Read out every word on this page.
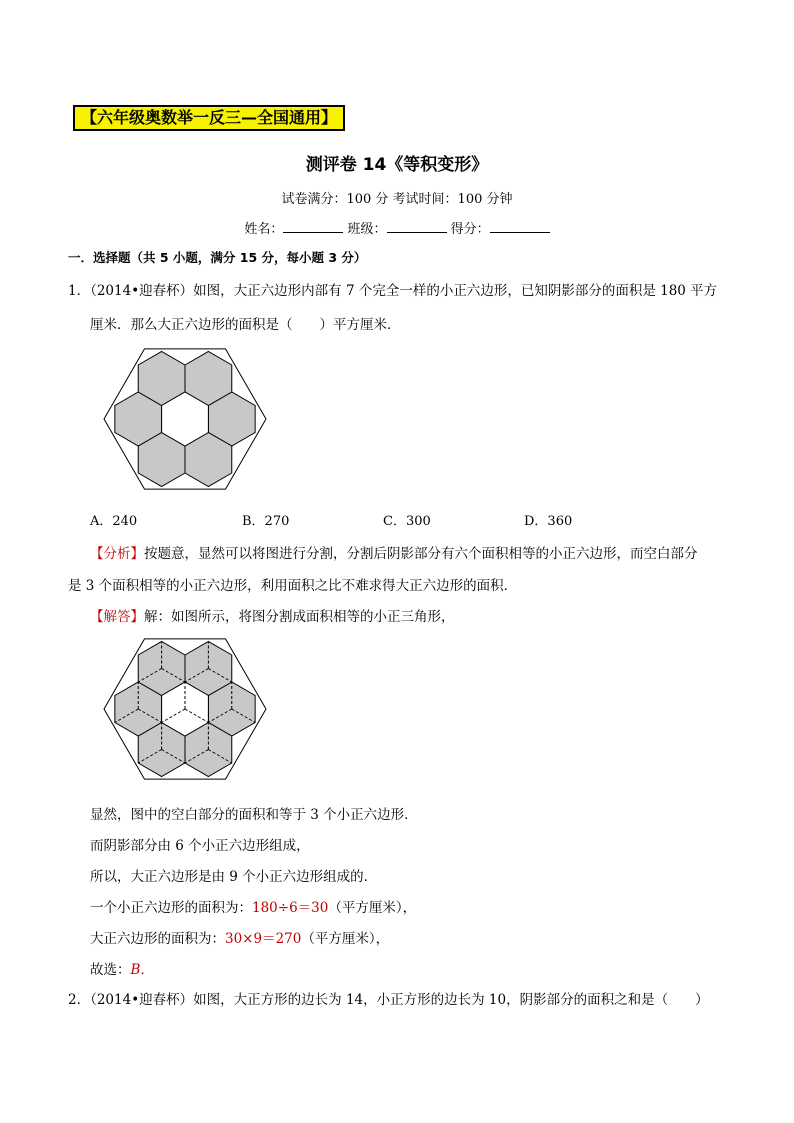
【六年级奥数举一反三—全国通用】
测评卷 14《等积变形》
试卷满分：100 分 考试时间：100 分钟
姓名：	班级：	得分：
一．选择题（共 5 小题，满分 15 分，每小题 3 分）
1．（2014•迎春杯）如图，大正六边形内部有 7 个完全一样的小正六边形，已知阴影部分的面积是 180 平方
厘米．那么大正六边形的面积是（　　）平方厘米．
A．240	B．270	C．300	D．360
【分析】按题意，显然可以将图进行分割，分割后阴影部分有六个面积相等的小正六边形，而空白部分
是 3 个面积相等的小正六边形，利用面积之比不难求得大正六边形的面积．
【解答】解：如图所示，将图分割成面积相等的小正三角形，
显然，图中的空白部分的面积和等于 3 个小正六边形．
而阴影部分由 6 个小正六边形组成，
所以，大正六边形是由 9 个小正六边形组成的．
一个小正六边形的面积为：180÷6＝30（平方厘米），
大正六边形的面积为：30×9＝270（平方厘米），
故选：B．
2．（2014•迎春杯）如图，大正方形的边长为 14，小正方形的边长为 10，阴影部分的面积之和是（　　）
